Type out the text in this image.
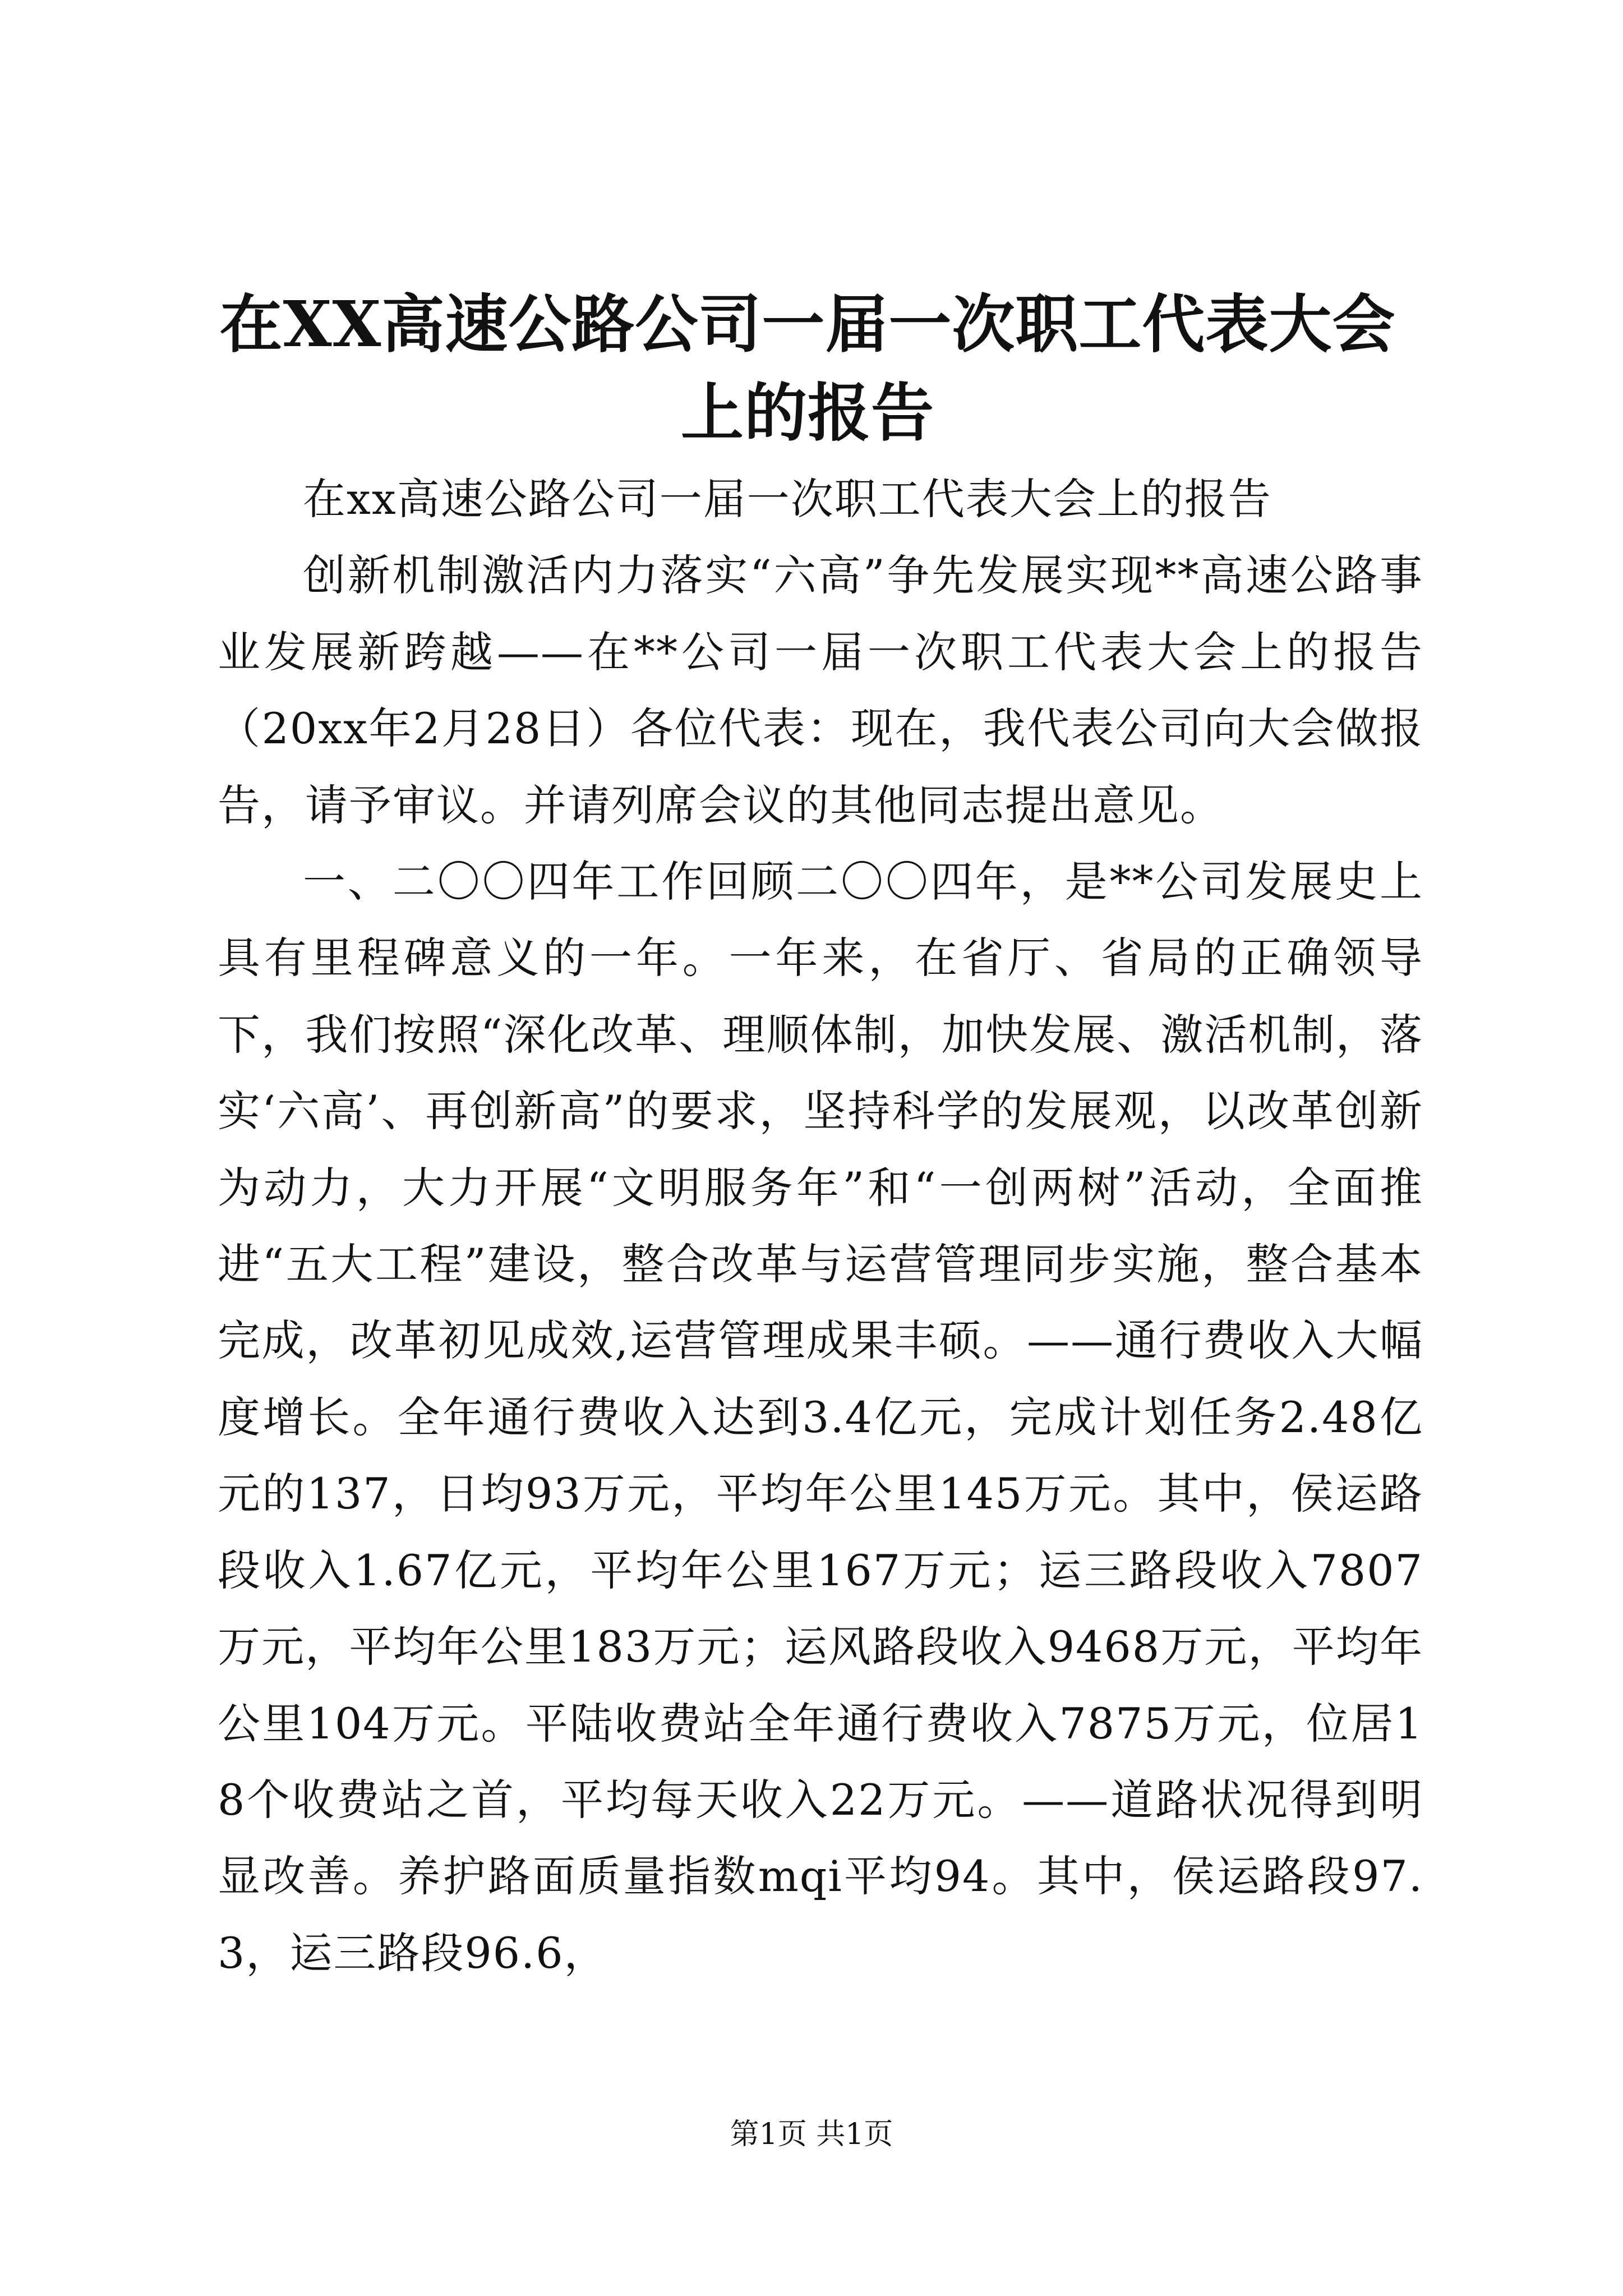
在XX高速公路公司一届一次职工代表大会上的报告

在xx高速公路公司一届一次职工代表大会上的报告

创新机制激活内力落实“六高”争先发展实现**高速公路事业发展新跨越——在**公司一届一次职工代表大会上的报告（20xx年2月28日）各位代表：现在，我代表公司向大会做报告，请予审议。并请列席会议的其他同志提出意见。

一、二〇〇四年工作回顾二〇〇四年，是**公司发展史上具有里程碑意义的一年。一年来，在省厅、省局的正确领导下，我们按照“深化改革、理顺体制，加快发展、激活机制，落实‘六高’、再创新高”的要求，坚持科学的发展观，以改革创新为动力，大力开展“文明服务年”和“一创两树”活动，全面推进“五大工程”建设，整合改革与运营管理同步实施，整合基本完成，改革初见成效,运营管理成果丰硕。——通行费收入大幅度增长。全年通行费收入达到3.4亿元，完成计划任务2.48亿元的137，日均93万元，平均年公里145万元。其中，侯运路段收入1.67亿元，平均年公里167万元；运三路段收入7807万元，平均年公里183万元；运风路段收入9468万元，平均年公里104万元。平陆收费站全年通行费收入7875万元，位居18个收费站之首，平均每天收入22万元。——道路状况得到明显改善。养护路面质量指数mqi平均94。其中，侯运路段97.3，运三路段96.6，

第1页 共1页
